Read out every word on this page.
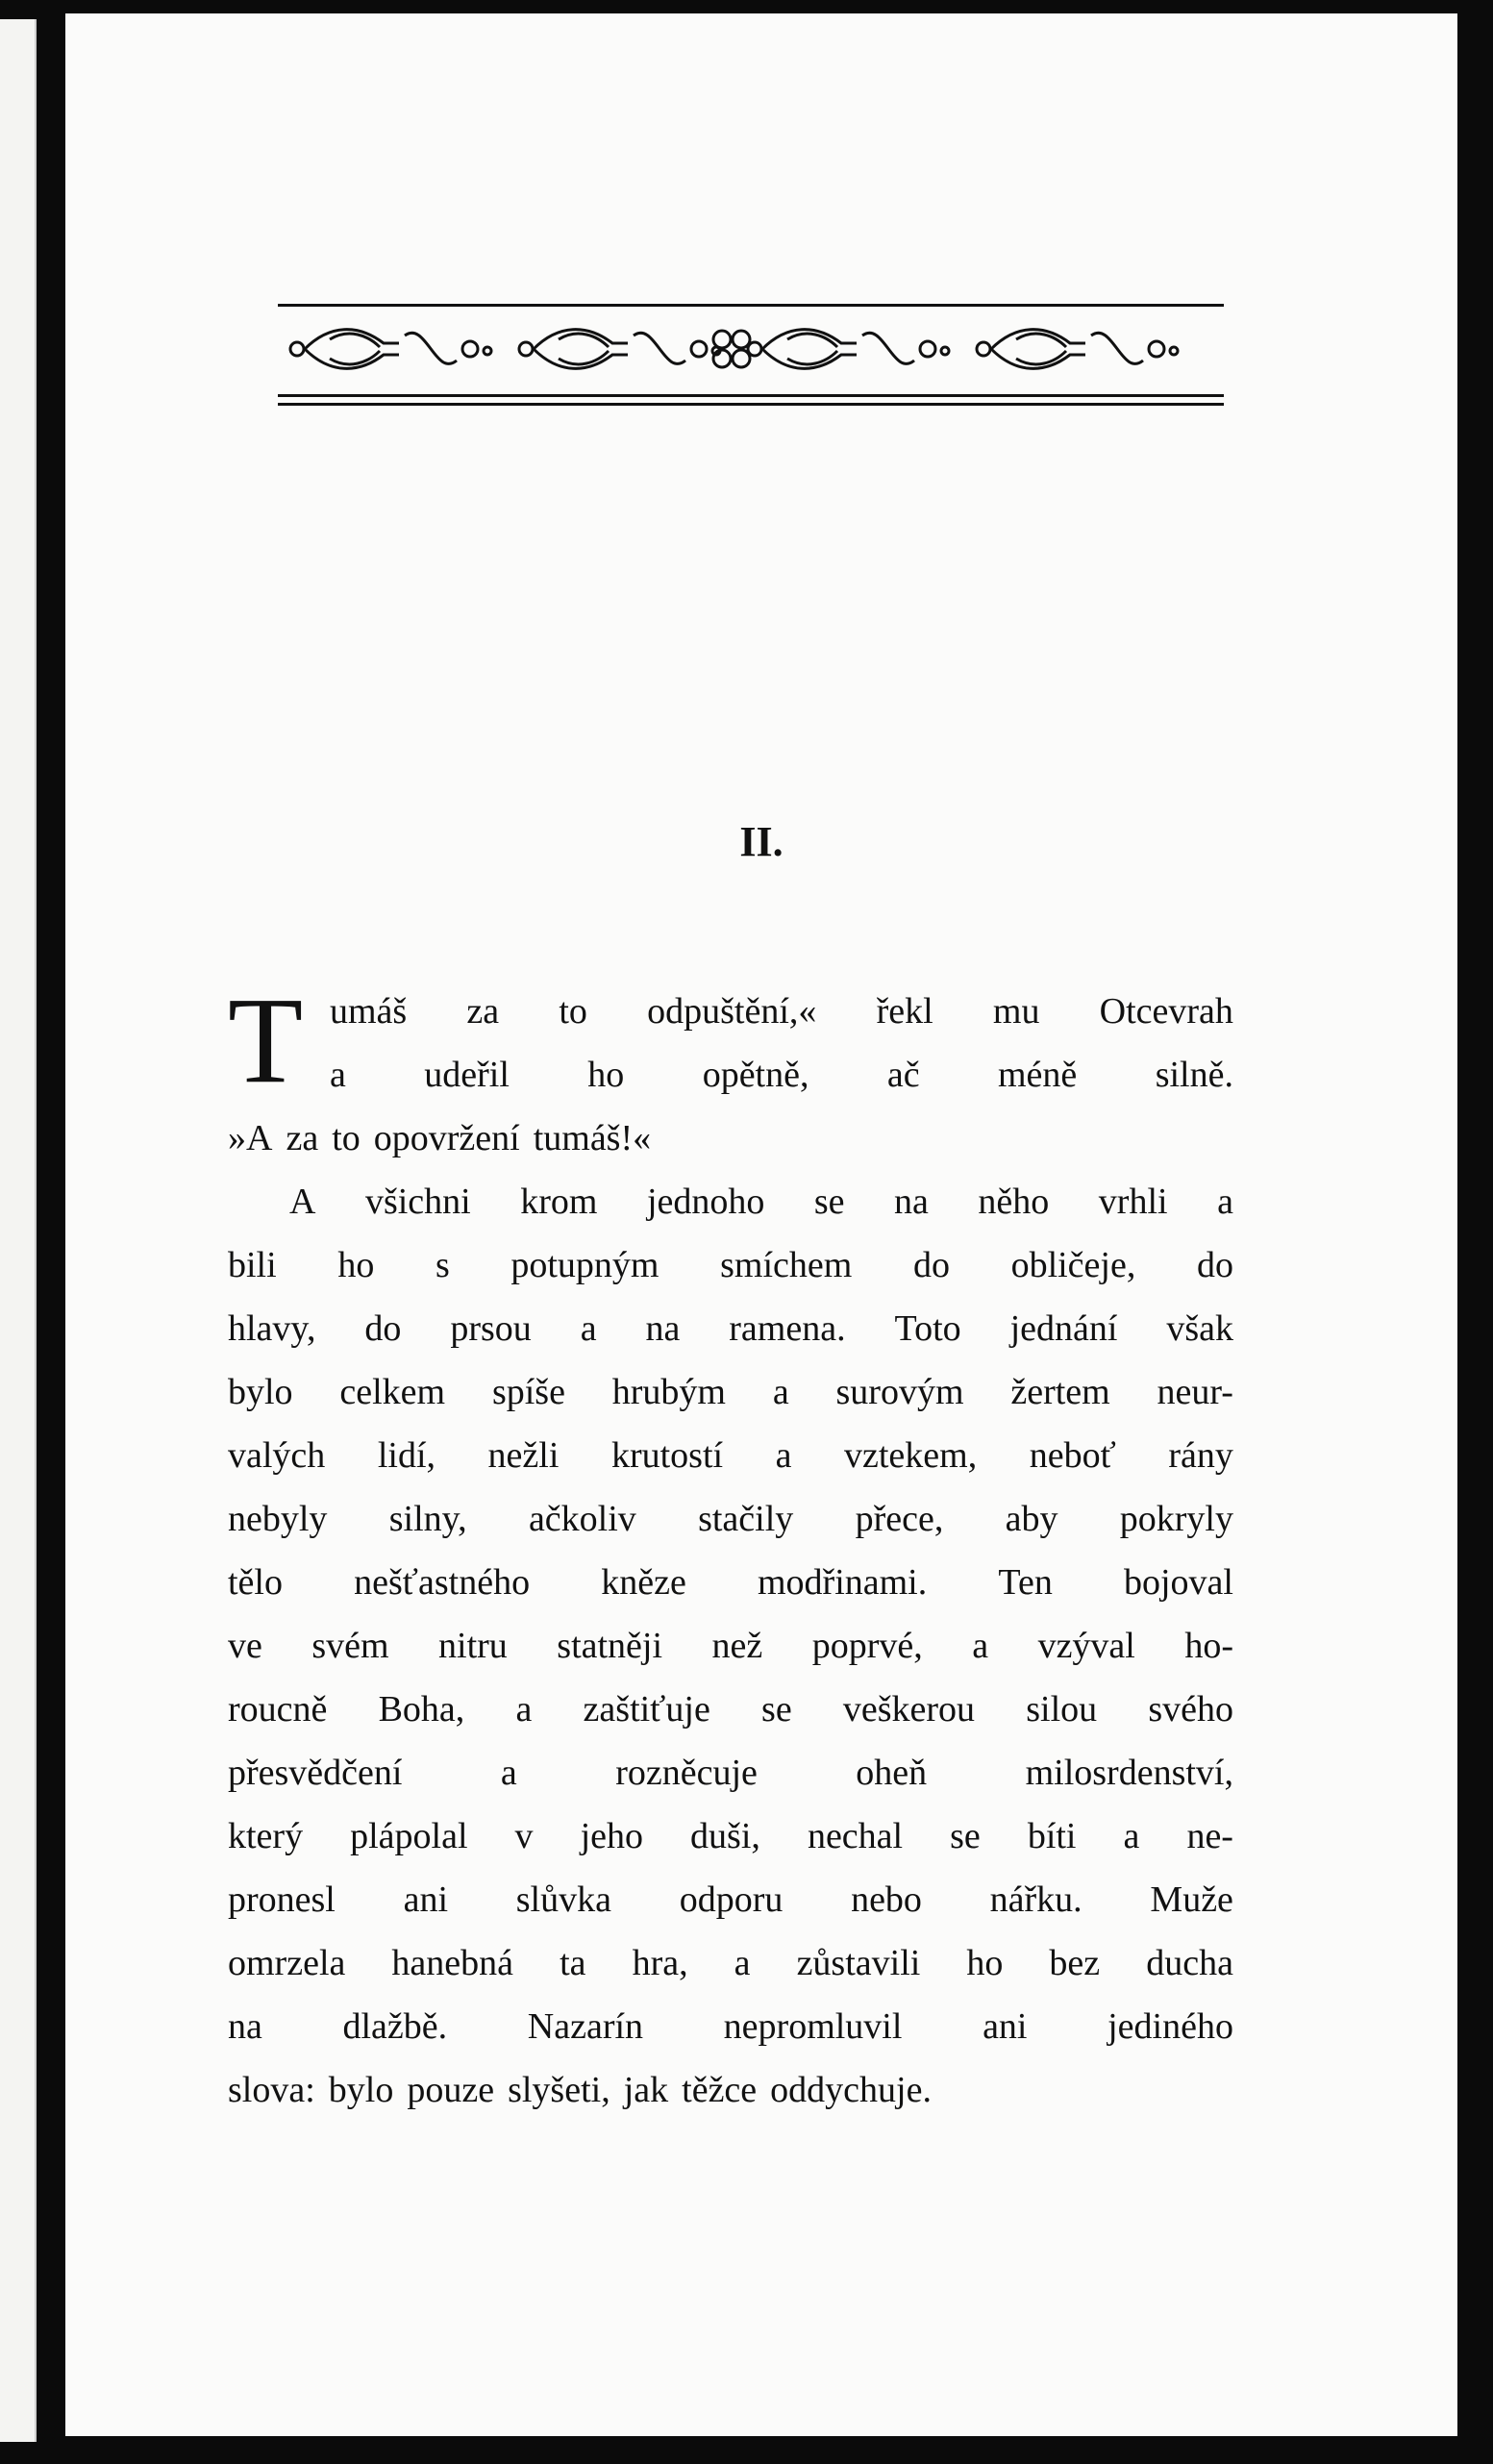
II.
T umáš za to odpuštění,« řekl mu Otcevrah
a udeřil ho opětně, ač méně silně.
»A za to opovržení tumáš!«
A všichni krom jednoho se na něho vrhli a
bili ho s potupným smíchem do obličeje, do
hlavy, do prsou a na ramena. Toto jednání však
bylo celkem spíše hrubým a surovým žertem neur-
valých lidí, nežli krutostí a vztekem, neboť rány
nebyly silny, ačkoliv stačily přece, aby pokryly
tělo nešťastného kněze modřinami. Ten bojoval
ve svém nitru statněji než poprvé, a vzýval ho-
roucně Boha, a zaštiťuje se veškerou silou svého
přesvědčení	a	rozněcuje	oheň	milosrdenství,
který plápolal v jeho duši, nechal se bíti a ne-
pronesl ani slůvka odporu nebo nářku. Muže
omrzela hanebná ta hra, a zůstavili ho bez ducha
na dlažbě. Nazarín nepromluvil ani jediného
slova: bylo pouze slyšeti, jak těžce oddychuje.
